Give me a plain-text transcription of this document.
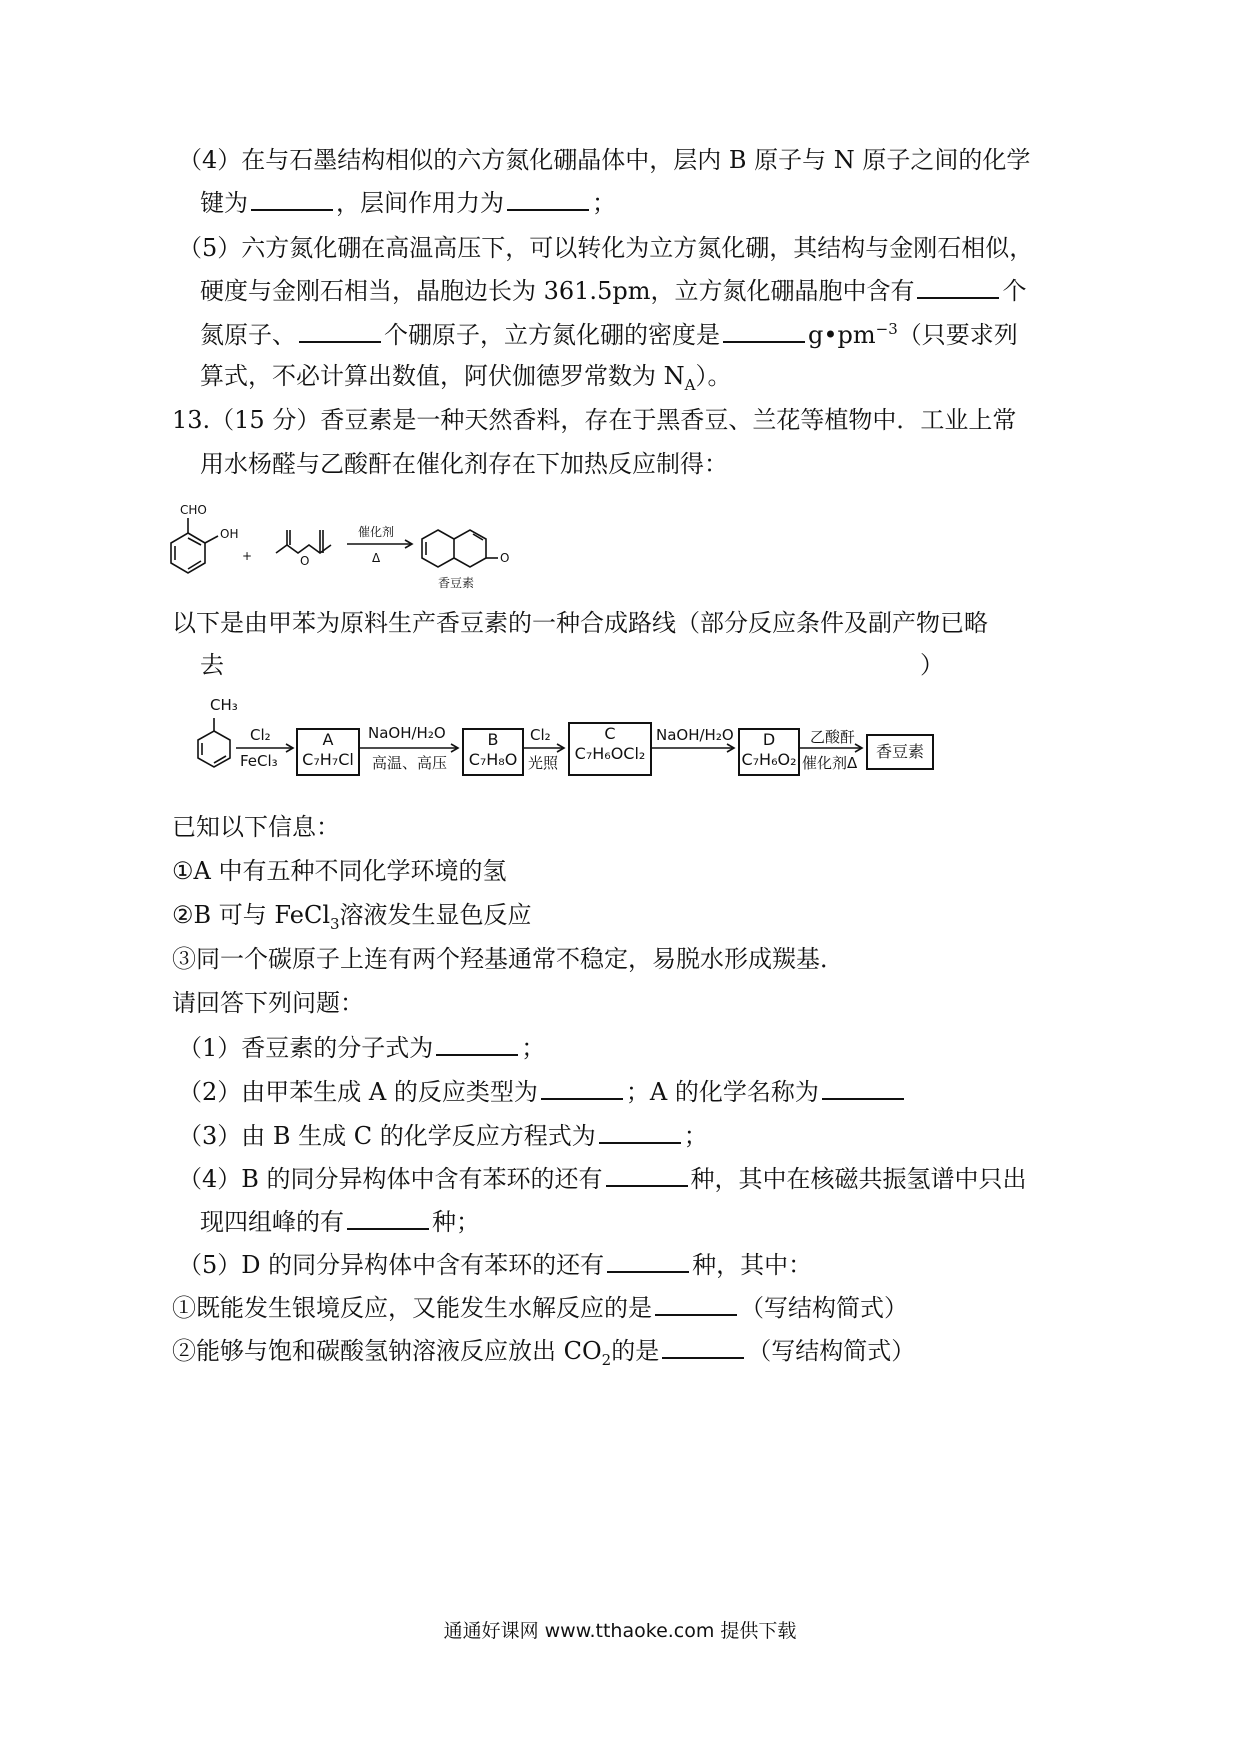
（4）在与石墨结构相似的六方氮化硼晶体中，层内 B 原子与 N 原子之间的化学
键为	，层间作用力为	；
（5）六方氮化硼在高温高压下，可以转化为立方氮化硼，其结构与金刚石相似，
硬度与金刚石相当，晶胞边长为 361.5pm，立方氮化硼晶胞中含有	个
氮原子、	个硼原子，立方氮化硼的密度是	$g•pm^{-3}$（只要求列
算式，不必计算出数值，阿伏伽德罗常数为 $N_A$）。
13.（15 分）香豆素是一种天然香料，存在于黑香豆、兰花等植物中．工业上常
用水杨醛与乙酸酐在催化剂存在下加热反应制得：
CHO
OH
+	O
催化剂
Δ	O
香豆素
以下是由甲苯为原料生产香豆素的一种合成路线（部分反应条件及副产物已略
去	）
CH₃
Cl₂
FeCl₃
A
C₇H₇Cl
NaOH/H₂O
高温、高压
B
C₇H₈O
Cl₂
光照
C
C₇H₆OCl₂
NaOH/H₂O	D
C₇H₆O₂
乙酸酐
催化剂Δ
香豆素
已知以下信息：
①A 中有五种不同化学环境的氢
②B 可与 FeCl$_3$溶液发生显色反应
③同一个碳原子上连有两个羟基通常不稳定，易脱水形成羰基．
请回答下列问题：
（1）香豆素的分子式为	；
（2）由甲苯生成 A 的反应类型为	；A 的化学名称为
（3）由 B 生成 C 的化学反应方程式为	；
（4）B 的同分异构体中含有苯环的还有	种，其中在核磁共振氢谱中只出
现四组峰的有	种；
（5）D 的同分异构体中含有苯环的还有	种，其中：
①既能发生银境反应，又能发生水解反应的是	（写结构简式）
②能够与饱和碳酸氢钠溶液反应放出 $CO_2$的是	（写结构简式）
通通好课网 www.tthaoke.com 提供下载
